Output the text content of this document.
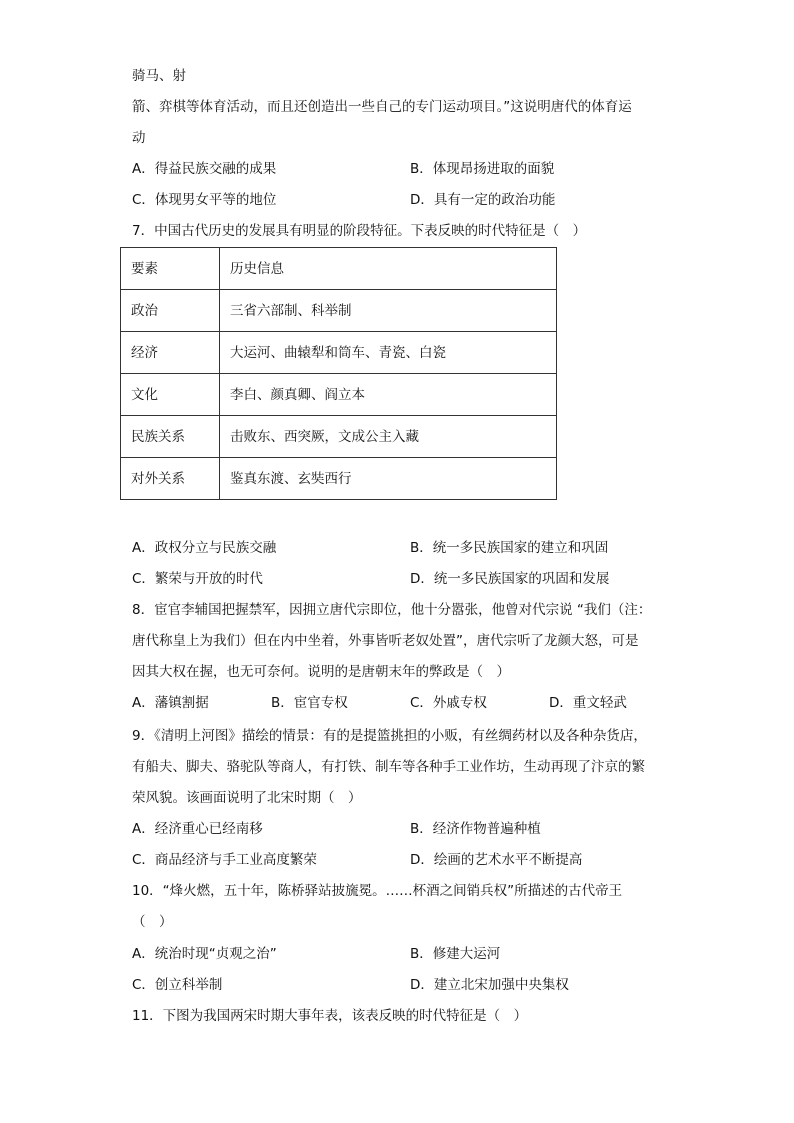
骑马、射
箭、弈棋等体育活动，而且还创造出一些自己的专门运动项目。”这说明唐代的体育运
动
A．得益民族交融的成果	B．体现昂扬进取的面貌
C．体现男女平等的地位	D．具有一定的政治功能
7．中国古代历史的发展具有明显的阶段特征。下表反映的时代特征是（　）
要素	历史信息
政治	三省六部制、科举制
经济	大运河、曲辕犁和筒车、青瓷、白瓷
文化	李白、颜真卿、阎立本
民族关系	击败东、西突厥，文成公主入藏
对外关系	鉴真东渡、玄奘西行
A．政权分立与民族交融	B．统一多民族国家的建立和巩固
C．繁荣与开放的时代	D．统一多民族国家的巩固和发展
8．宦官李辅国把握禁军，因拥立唐代宗即位，他十分嚣张，他曾对代宗说 “我们（注：
唐代称皇上为我们）但在内中坐着，外事皆听老奴处置”，唐代宗听了龙颜大怒，可是
因其大权在握，也无可奈何。说明的是唐朝末年的弊政是（　）
A．藩镇割据	B．宦官专权	C．外戚专权	D．重文轻武
9．《清明上河图》描绘的情景：有的是提篮挑担的小贩，有丝绸药材以及各种杂货店，
有船夫、脚夫、骆驼队等商人，有打铁、制车等各种手工业作坊，生动再现了汴京的繁
荣风貌。该画面说明了北宋时期（　）
A．经济重心已经南移	B．经济作物普遍种植
C．商品经济与手工业高度繁荣	D．绘画的艺术水平不断提高
10．“烽火燃，五十年，陈桥驿站披旒冕。……杯酒之间销兵权”所描述的古代帝王
（　）
A．统治时现“贞观之治”	B．修建大运河
C．创立科举制	D．建立北宋加强中央集权
11．下图为我国两宋时期大事年表，该表反映的时代特征是（　）
